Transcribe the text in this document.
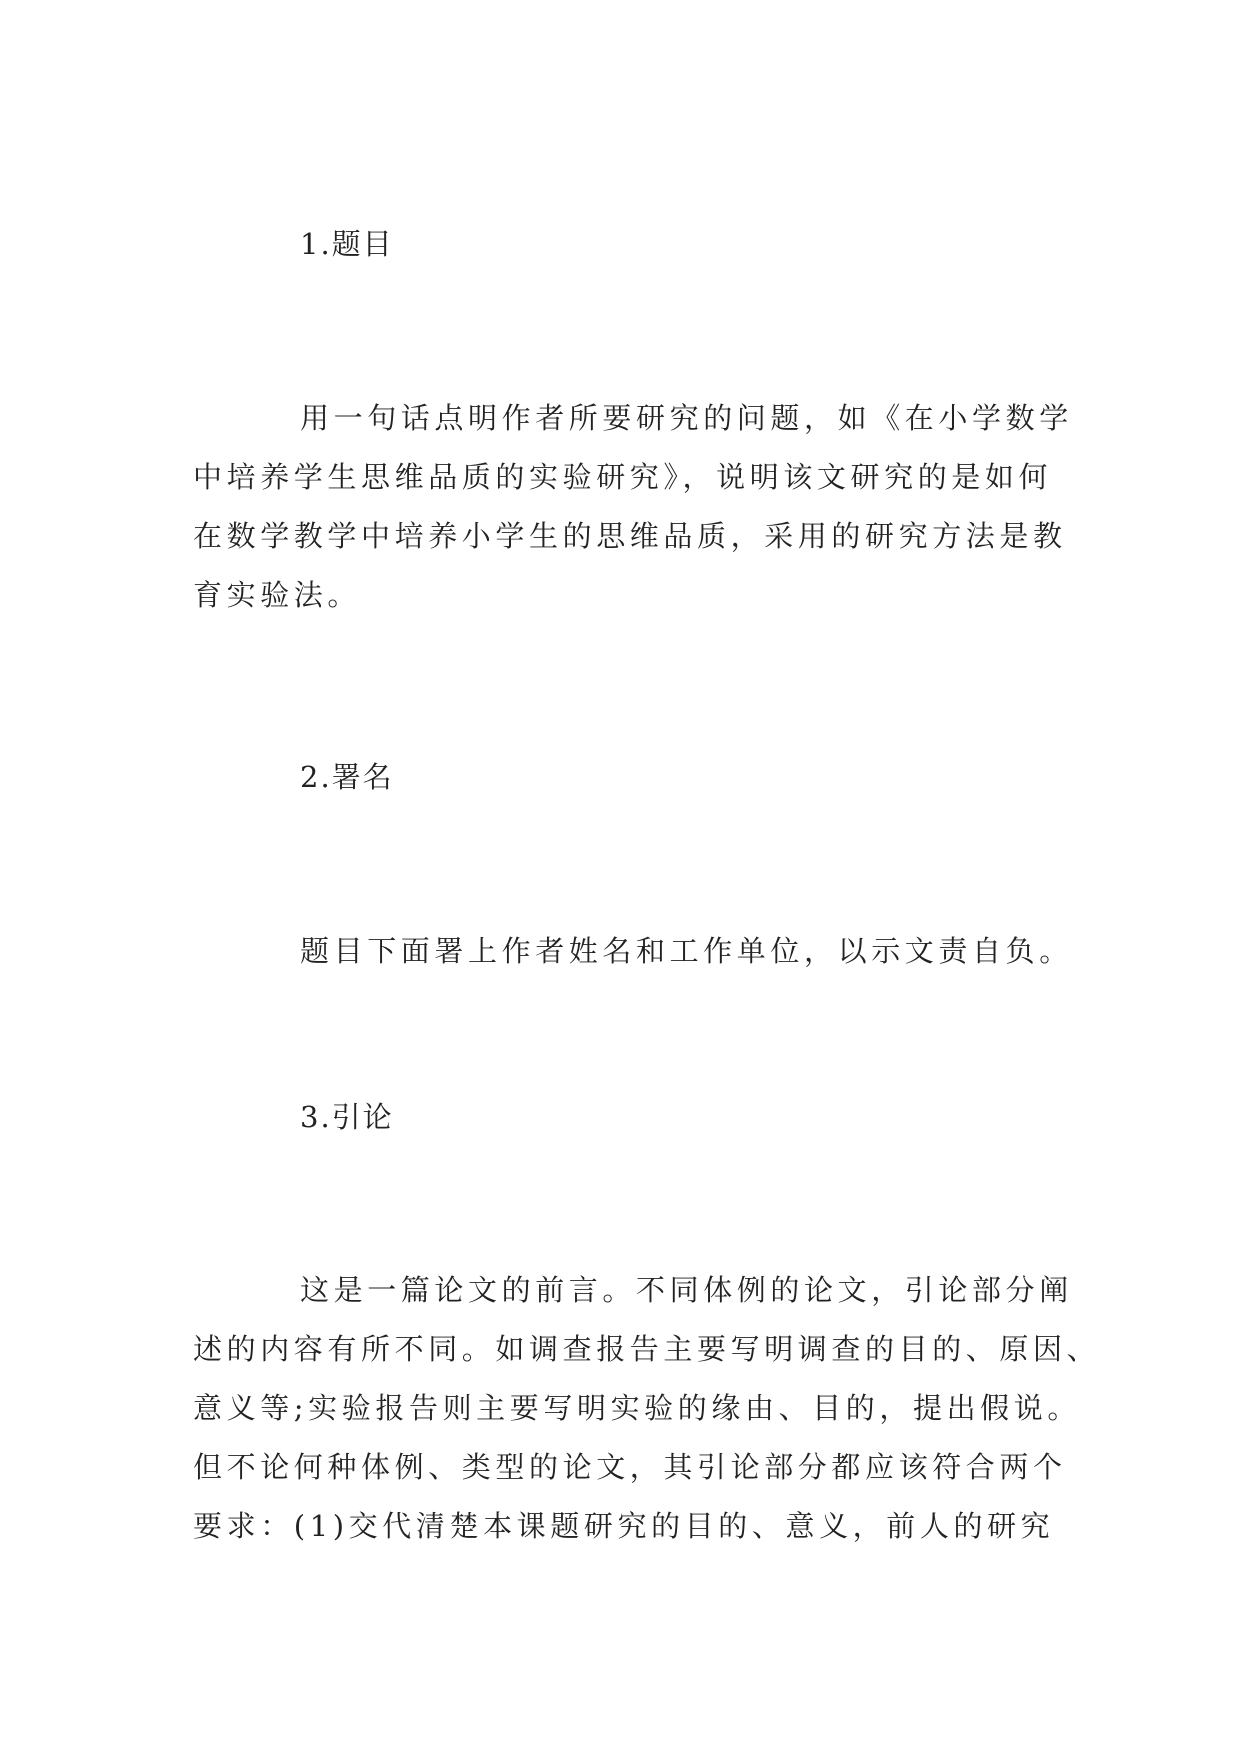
1.题目
用一句话点明作者所要研究的问题，如《在小学数学
中培养学生思维品质的实验研究》，说明该文研究的是如何
在数学教学中培养小学生的思维品质，采用的研究方法是教
育实验法。
2.署名
题目下面署上作者姓名和工作单位，以示文责自负。
3.引论
这是一篇论文的前言。不同体例的论文，引论部分阐
述的内容有所不同。如调查报告主要写明调查的目的、原因、
意义等;实验报告则主要写明实验的缘由、目的，提出假说。
但不论何种体例、类型的论文，其引论部分都应该符合两个
要求：(1)交代清楚本课题研究的目的、意义，前人的研究
